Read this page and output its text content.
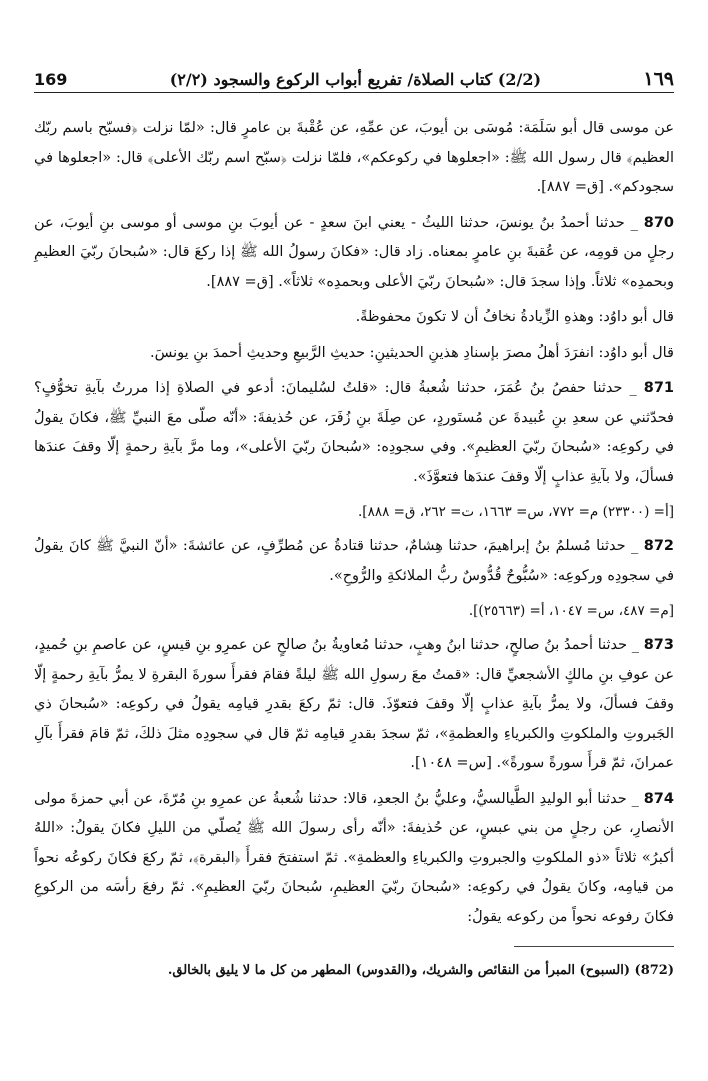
١٦٩
(2/2) كتاب الصلاة/ تفريع أبواب الركوع والسجود (٢/٢)
169

عن موسى قال أبو سَلَمَة: مُوسَى بن أيوبَ، عن عمِّهِ، عن عُقْبةَ بن عامرٍ قال: «لمّا نزلت ﴿فسبّح باسم ربّك العظيم﴾ قال رسول الله ﷺ: «اجعلوها في ركوعكم»، فلمّا نزلت ﴿سبّح اسم ربّك الأعلى﴾ قال: «اجعلوها في سجودكم». [ق= ٨٨٧].

870 _ حدثنا أحمدُ بنُ يونسَ، حدثنا الليثُ - يعني ابنَ سعدٍ - عن أيوبَ بنِ موسى أو موسى بنِ أيوبَ، عن رجلٍ من قومِه، عن عُقبةَ بنِ عامرٍ بمعناه. زاد قال: «فكانَ رسولُ الله ﷺ إذا ركعَ قال: «سُبحانَ ربّيَ العظيمِ وبحمدِه» ثلاثاً. وإذا سجدَ قال: «سُبحانَ ربّيَ الأعلى وبحمدِه» ثلاثاً». [ق= ٨٨٧].

قال أبو داوُد: وهذهِ الزِّيادةُ نخافُ أن لا تكونَ محفوظةً.

قال أبو داوُد: انفرَدَ أهلُ مصرَ بإسنادِ هذينِ الحديثينِ: حديثِ الرَّبيعِ وحديثِ أحمدَ بنِ يونسَ.

871 _ حدثنا حفصُ بنُ عُمَرَ، حدثنا شُعبةُ قال: «قلتُ لسُليمانَ: أدعو في الصلاةِ إذا مررتُ بآيةِ تخوُّفٍ؟ فحدّثني عن سعدِ بنِ عُبيدةَ عن مُستَوردٍ، عن صِلَةَ بنِ زُفَرَ، عن حُذيفةَ: «أنّه صلّى معَ النبيِّ ﷺ، فكانَ يقولُ في ركوعِه: «سُبحانَ ربّيَ العظيمِ». وفي سجودِه: «سُبحانَ ربّيَ الأعلى»، وما مرَّ بآيةِ رحمةٍ إلّا وقفَ عندَها فسألَ، ولا بآيةِ عذابٍ إلّا وقفَ عندَها فتعوَّذَ».

[أ= (٢٣٣٠٠) م= ٧٧٢، س= ١٦٦٣، ت= ٢٦٢، ق= ٨٨٨].

872 _ حدثنا مُسلمُ بنُ إبراهيمَ، حدثنا هِشامٌ، حدثنا قتادةُ عن مُطرِّفٍ، عن عائشةَ: «أنّ النبيَّ ﷺ كانَ يقولُ في سجودِه وركوعِه: «سُبُّوحٌ قُدُّوسٌ ربُّ الملائكةِ والرُّوحِ».

[م= ٤٨٧، س= ١٠٤٧، أ= (٢٥٦٦٣)].

873 _ حدثنا أحمدُ بنُ صالحٍ، حدثنا ابنُ وهبٍ، حدثنا مُعاويةُ بنُ صالحٍ عن عمرِو بنِ قيسٍ، عن عاصمِ بنِ حُميدٍ، عن عوفِ بنِ مالكٍ الأشجعيِّ قال: «قمتُ معَ رسولِ الله ﷺ ليلةً فقامَ فقرأَ سورةَ البقرةِ لا يمرُّ بآيةِ رحمةٍ إلّا وقفَ فسألَ، ولا يمرُّ بآيةِ عذابٍ إلّا وقفَ فتعوّذَ. قال: ثمّ ركعَ بقدرِ قيامِه يقولُ في ركوعِه: «سُبحانَ ذي الجَبروتِ والملكوتِ والكبرياءِ والعظمةِ»، ثمّ سجدَ بقدرِ قيامِه ثمّ قال في سجودِه مثلَ ذلكَ، ثمّ قامَ فقرأَ بآلِ عمرانَ، ثمّ قرأَ سورةً سورةً». [س= ١٠٤٨].

874 _ حدثنا أبو الوليدِ الطَّيالسيُّ، وعليُّ بنُ الجعدِ، قالا: حدثنا شُعبةُ عن عمرِو بنِ مُرّةَ، عن أبي حمزةَ مولى الأنصارِ، عن رجلٍ من بني عبسٍ، عن حُذيفةَ: «أنّه رأى رسولَ الله ﷺ يُصلّي من الليلِ فكانَ يقولُ: «اللهُ أكبرُ» ثلاثاً «ذو الملكوتِ والجبروتِ والكبرياءِ والعظمةِ». ثمّ استفتحَ فقرأَ ﴿البقرة﴾، ثمّ ركعَ فكانَ ركوعُه نحواً من قيامِه، وكانَ يقولُ في ركوعِه: «سُبحانَ ربّيَ العظيمِ، سُبحانَ ربّيَ العظيمِ». ثمّ رفعَ رأسَه من الركوعِ فكانَ رفوعه نحواً من ركوعه يقولُ:

(872) (السبوح) المبرأ من النقائص والشريك، و(القدوس) المطهر من كل ما لا يليق بالخالق.
